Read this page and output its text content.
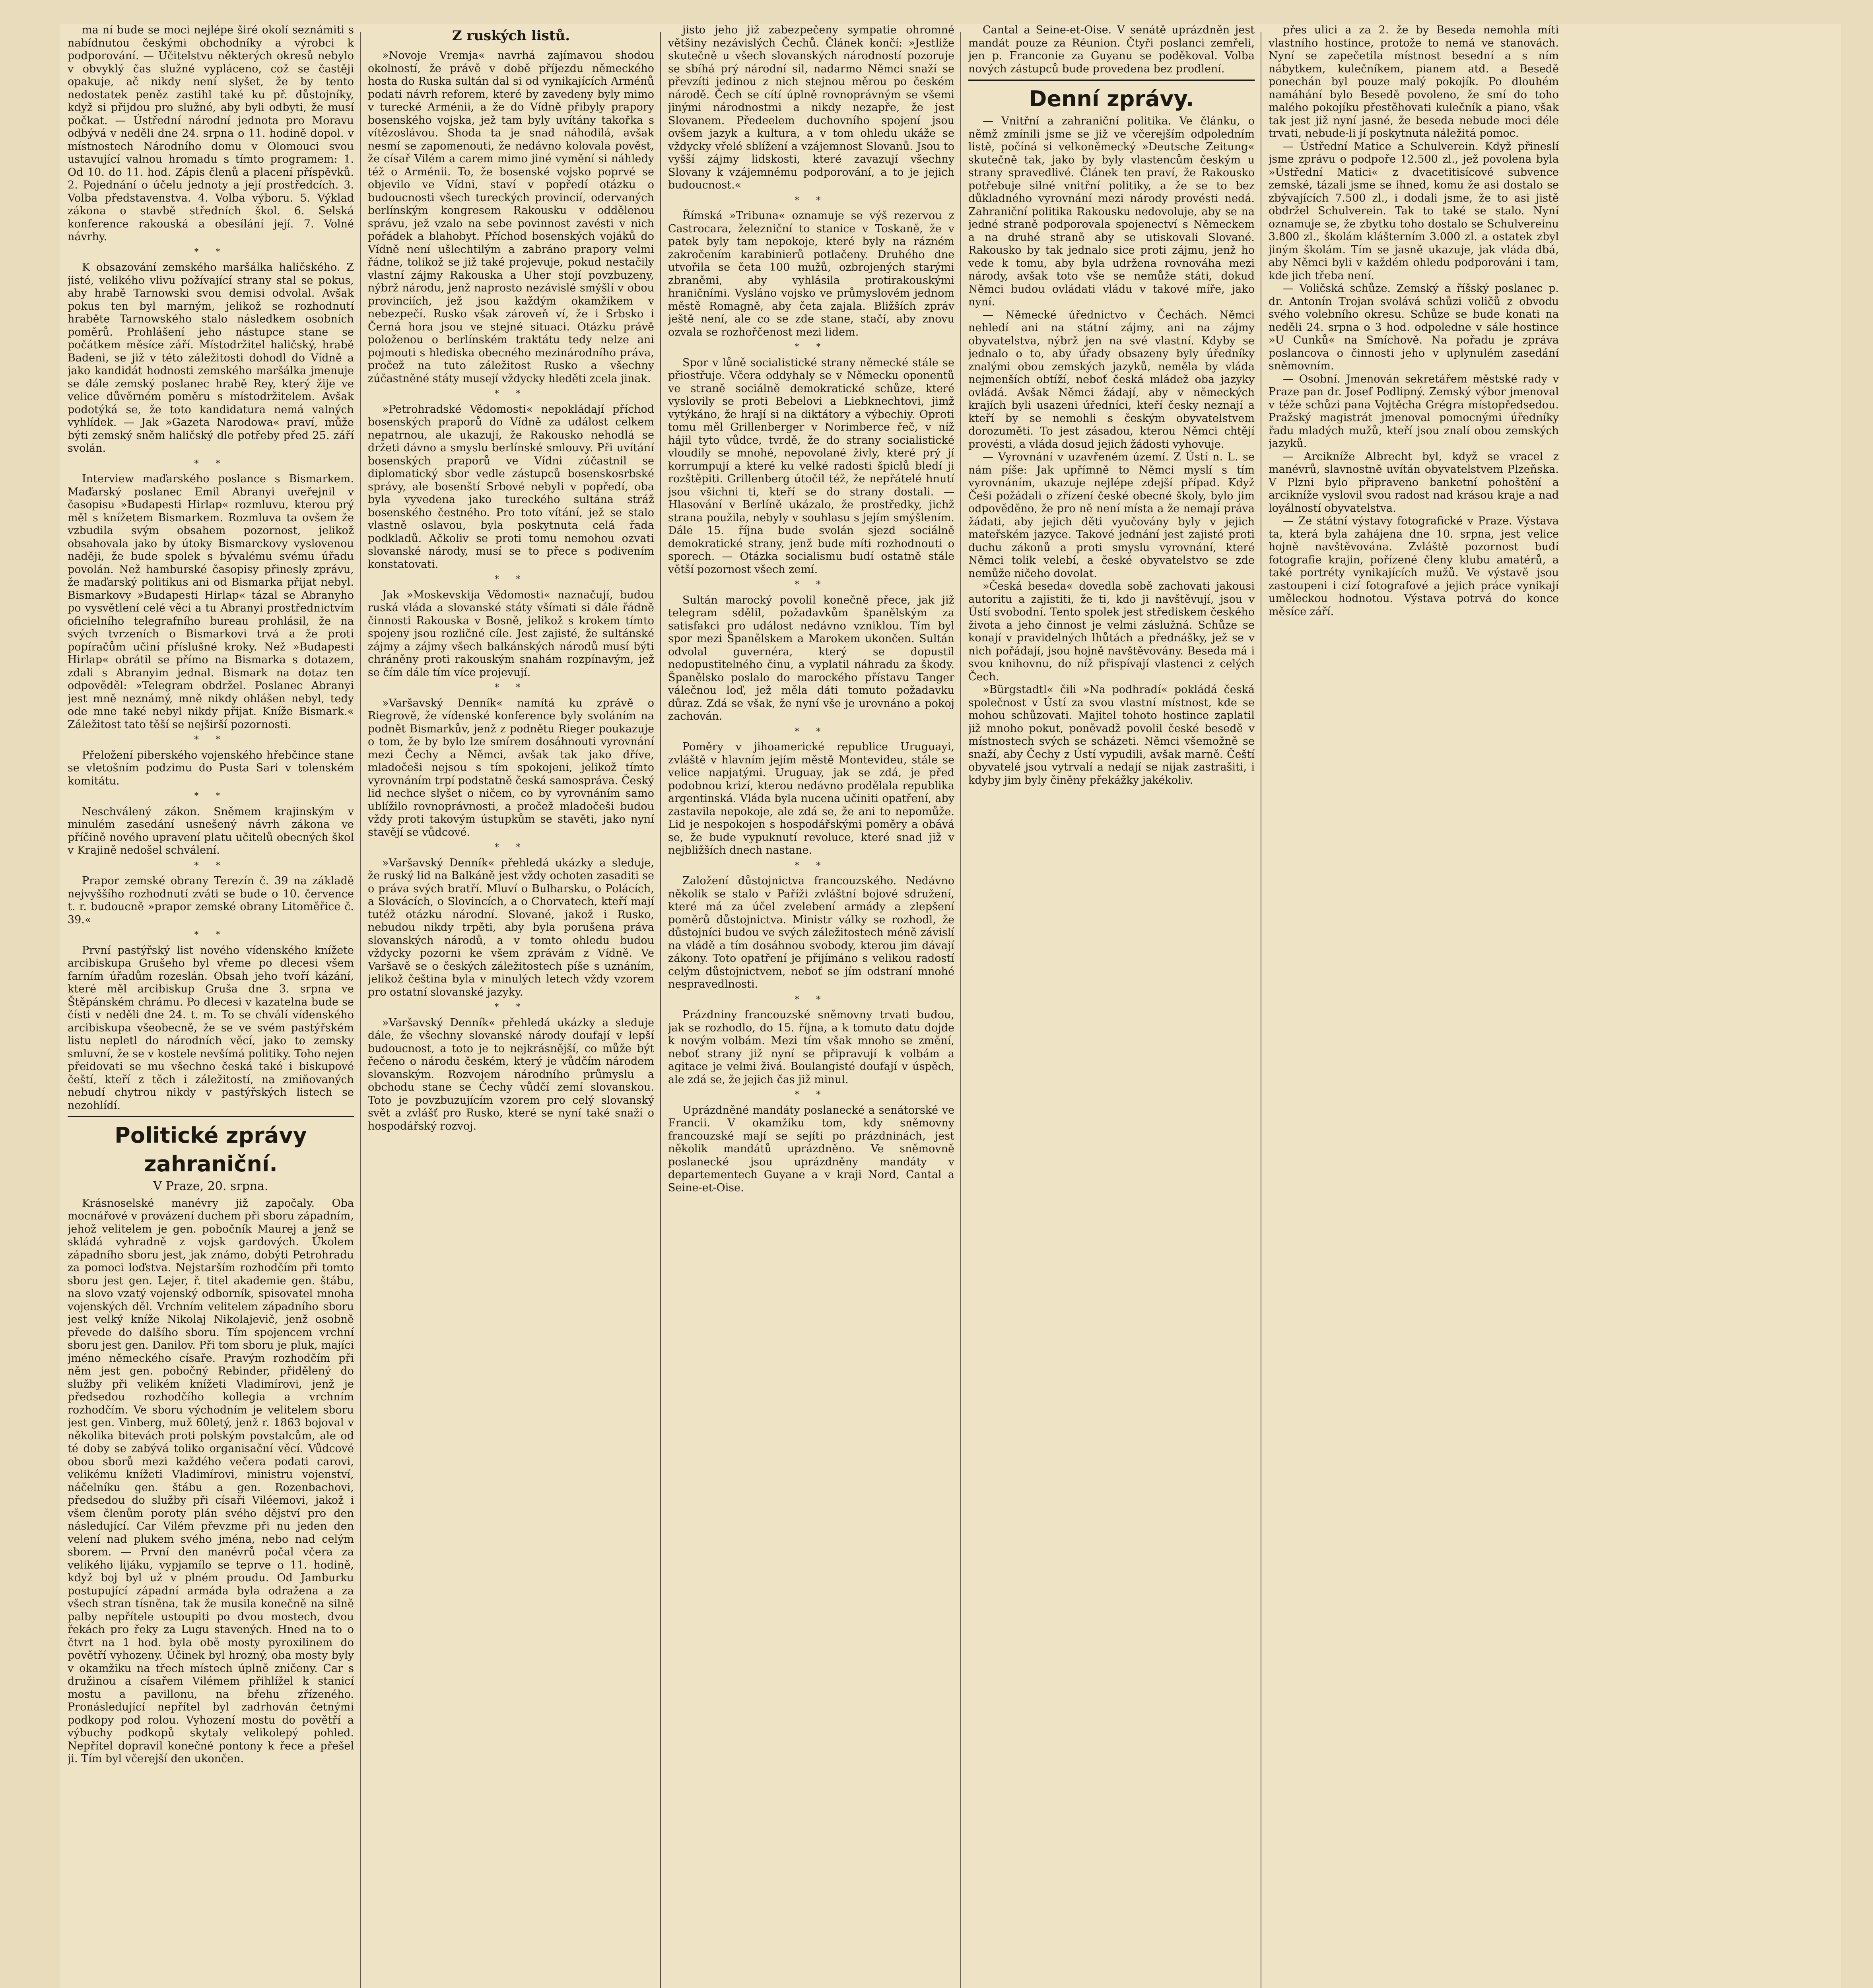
ma ní bude se moci nejlépe širé okolí seznámiti s nabídnutou českými obchodníky a výrobci k podporování. — Učitelstvu některých okresů nebylo v obvyklý čas služné vypláceno, což se častěji opakuje, ač nikdy není slyšet, že by tento nedostatek peněz zastihl také ku př. důstojníky, když si přijdou pro služné, aby byli odbyti, že musí počkat. — Ústřední národní jednota pro Moravu odbývá v neděli dne 24. srpna o 11. hodině dopol. v místnostech Národního domu v Olomouci svou ustavující valnou hromadu s tímto programem: 1. Od 10. do 11. hod. Zápis členů a placení příspěvků. 2. Pojednání o účelu jednoty a její prostředcích. 3. Volba představenstva. 4. Volba výboru. 5. Výklad zákona o stavbě středních škol. 6. Selská konference rakouská a obesílání její. 7. Volné návrhy.

* *

K obsazování zemského maršálka haličského. Z jisté, velikého vlivu požívající strany stal se pokus, aby hrabě Tarnowski svou demisi odvolal. Avšak pokus ten byl marným, jelikož se rozhodnutí hraběte Tarnowského stalo následkem osobních poměrů. Prohlášení jeho nástupce stane se počátkem měsíce září. Místodržitel haličský, hrabě Badeni, se již v této záležitosti dohodl do Vídně a jako kandidát hodnosti zemského maršálka jmenuje se dále zemský poslanec hrabě Rey, který žije ve velice důvěrném poměru s místodržitelem. Avšak podotýká se, že toto kandidatura nemá valných vyhlídek. — Jak »Gazeta Narodowa« praví, může býti zemský sněm haličský dle potřeby před 25. září svolán.

* *

Interview maďarského poslance s Bismarkem. Maďarský poslanec Emil Abranyi uveřejnil v časopisu »Budapesti Hirlap« rozmluvu, kterou prý měl s knížetem Bismarkem. Rozmluva ta ovšem že vzbudila svým obsahem pozornost, jelikož obsahovala jako by útoky Bismarckovy vyslovenou naději, že bude spolek s bývalému svému úřadu povolán. Než hamburské časopisy přinesly zprávu, že maďarský politikus ani od Bismarka přijat nebyl. Bismarkovy »Budapesti Hirlap« tázal se Abranyho po vysvětlení celé věci a tu Abranyi prostřednictvím oficielního telegrafního bureau prohlásil, že na svých tvrzeních o Bismarkovi trvá a že proti popíračům učiní příslušné kroky. Než »Budapesti Hirlap« obrátil se přímo na Bismarka s dotazem, zdali s Abranyim jednal. Bismark na dotaz ten odpověděl: »Telegram obdržel. Poslanec Abranyi jest mně neznámý, mně nikdy ohlášen nebyl, tedy ode mne také nebyl nikdy přijat. Kníže Bismark.« Záležitost tato těší se nejširší pozornosti.

* *

Přeložení piberského vojenského hřebčince stane se vletošním podzimu do Pusta Sari v tolenském komitátu.

* *

Neschválený zákon. Sněmem krajinským v minulém zasedání usnešený návrh zákona ve příčině nového upravení platu učitelů obecných škol v Krajině nedošel schválení.

* *

Prapor zemské obrany Terezín č. 39 na základě nejvyššího rozhodnutí zváti se bude o 10. července t. r. budoucně »prapor zemské obrany Litoměřice č. 39.«

* *

První pastýřský list nového vídenského knížete arcibiskupa Grušeho byl vřeme po dlecesi všem farním úřadům rozeslán. Obsah jeho tvoří kázání, které měl arcibiskup Gruša dne 3. srpna ve Štěpánském chrámu. Po dlecesi v kazatelna bude se čísti v neděli dne 24. t. m. To se chválí vídenského arcibiskupa všeobecně, že se ve svém pastýřském listu nepletl do národních věcí, jako to zemsky smluvní, že se v kostele nevšímá politiky. Toho nejen přeidovati se mu všechno česká také i biskupové čeští, kteří z těch i záležitostí, na zmiňovaných nebudí chytrou nikdy v pastýřských listech se nezohlídí.

Politické zprávy zahraniční.
V Praze, 20. srpna.

Krásnoselské manévry již započaly. Oba mocnářové v provázení duchem při sboru západním, jehož velitelem je gen. pobočník Maurej a jenž se skládá vyhradně z vojsk gardových. Úkolem západního sboru jest, jak známo, dobýti Petrohradu za pomoci loďstva. Nejstarším rozhodčím při tomto sboru jest gen. Lejer, ř. titel akademie gen. štábu, na slovo vzatý vojenský odborník, spisovatel mnoha vojenských děl. Vrchním velitelem západního sboru jest velký kníže Nikolaj Nikolajevič, jenž osobně převede do dalšího sboru. Tím spojencem vrchní sboru jest gen. Danilov. Při tom sboru je pluk, majíci jméno německého císaře. Pravým rozhodčím při něm jest gen. pobočný Rebinder, přidělený do služby při velikém knížeti Vladimírovi, jenž je předsedou rozhodčího kollegia a vrchním rozhodčím. Ve sboru východním je velitelem sboru jest gen. Vinberg, muž 60letý, jenž r. 1863 bojoval v několika bitevách proti polským povstalcům, ale od té doby se zabývá toliko organisační věcí. Vůdcové obou sborů mezi každého večera podati carovi, velikému knížeti Vladimírovi, ministru vojenství, náčelníku gen. štábu a gen. Rozenbachovi, předsedou do služby při císaři Viléemovi, jakož i všem členům poroty plán svého dějství pro den následující. Car Vilém převzme při nu jeden den velení nad plukem svého jména, nebo nad celým sborem. — První den manévrů počal včera za velikého lijáku, vypjamílo se teprve o 11. hodině, když boj byl už v plném proudu. Od Jamburku postupující západní armáda byla odražena a za všech stran tísněna, tak že musila konečně na silně palby nepřítele ustoupiti po dvou mostech, dvou řekách pro řeky za Lugu stavených. Hned na to o čtvrt na 1 hod. byla obě mosty pyroxilinem do povětří vyhozeny. Účinek byl hrozný, oba mosty byly v okamžiku na třech místech úplně zničeny. Car s družinou a císařem Vilémem přihlížel k stanicí mostu a pavillonu, na břehu zřízeného. Pronásledující nepřítel byl zadrhován četnými podkopy pod rolou. Vyhození mostu do povětří a výbuchy podkopů skytaly velikolepý pohled. Nepřítel dopravil konečné pontony k řece a přešel ji. Tím byl včerejší den ukončen.

Z ruských listů.

»Novoje Vremja« navrhá zajímavou shodou okolností, že právě v době příjezdu německého hosta do Ruska sultán dal si od vynikajících Arménů podati návrh reforem, které by zavedeny byly mimo v turecké Arménii, a že do Vídně přibyly prapory bosenského vojska, jež tam byly uvítány takořka s vítězoslávou. Shoda ta je snad náhodilá, avšak nesmí se zapomenouti, že nedávno kolovala pověst, že císař Vilém a carem mimo jiné vymění si náhledy též o Arménii. To, že bosenské vojsko poprvé se objevilo ve Vídni, staví v popředí otázku o budoucnosti všech tureckých provincií, odervaných berlínským kongresem Rakousku v oddělenou správu, jež vzalo na sebe povinnost zavésti v nich pořádek a blahobyt. Příchod bosenských vojáků do Vídně není ušlechtilým a zabráno prapory velmi řádne, tolikož se již také projevuje, pokud nestačily vlastní zájmy Rakouska a Uher stojí povzbuzeny, nýbrž národu, jenž naprosto nezávislé smýšlí v obou provinciích, jež jsou každým okamžikem v nebezpečí. Rusko však zároveň ví, že i Srbsko i Černá hora jsou ve stejné situaci. Otázku právě položenou o berlínském traktátu tedy nelze ani pojmouti s hlediska obecného mezinárodního práva, pročež na tuto záležitost Rusko a všechny zúčastněné státy musejí vždycky hleděti zcela jinak.

* *

»Petrohradské Vědomosti« nepokládají příchod bosenských praporů do Vídně za událost celkem nepatrnou, ale ukazují, že Rakousko nehodlá se držeti dávno a smyslu berlínské smlouvy. Při uvítání bosenských praporů ve Vídni zúčastnil se diplomatický sbor vedle zástupců bosenskosrbské správy, ale bosenští Srbové nebyli v popředí, oba byla vyvedena jako tureckého sultána stráž bosenského čestného. Pro toto vítání, jež se stalo vlastně oslavou, byla poskytnuta celá řada podkladů. Ačkoliv se proti tomu nemohou ozvati slovanské národy, musí se to přece s podivením konstatovati.

* *

Jak »Moskevskija Vědomosti« naznačují, budou ruská vláda a slovanské státy všímati si dále řádně činnosti Rakouska v Bosně, jelikož s krokem tímto spojeny jsou rozličné cíle. Jest zajisté, že sultánské zájmy a zájmy všech balkánských národů musí býti chráněny proti rakouským snahám rozpínavým, jež se čím dále tím více projevují.

* *

»Varšavský Denník« namítá ku zprávě o Riegrově, že vídenské konference byly svoláním na podnět Bismarkův, jenž z podnětu Rieger poukazuje o tom, že by bylo lze smírem dosáhnouti vyrovnání mezi Čechy a Němci, avšak tak jako dříve, mladočeši nejsou s tím spokojeni, jelikož tímto vyrovnáním trpí podstatně česká samospráva. Český lid nechce slyšet o ničem, co by vyrovnáním samo ublížilo rovnoprávnosti, a pročež mladočeši budou vždy proti takovým ústupkům se stavěti, jako nyní stavějí se vůdcové.

* *

»Varšavský Denník« přehledá ukázky a sleduje, že ruský lid na Balkáně jest vždy ochoten zasaditi se o práva svých bratří. Mluví o Bulharsku, o Polácích, a Slovácích, o Slovincích, a o Chorvatech, kteří mají tutéž otázku národní. Slované, jakož i Rusko, nebudou nikdy trpěti, aby byla porušena práva slovanských národů, a v tomto ohledu budou vždycky pozorni ke všem zprávám z Vídně. Ve Varšavě se o českých záležitostech píše s uznáním, jelikož čeština byla v minulých letech vždy vzorem pro ostatní slovanské jazyky.

* *

»Varšavský Denník« přehledá ukázky a sleduje dále, že všechny slovanské národy doufají v lepší budoucnost, a toto je to nejkrásnější, co může být řečeno o národu českém, který je vůdčím národem slovanským. Rozvojem národního průmyslu a obchodu stane se Čechy vůdčí zemí slovanskou. Toto je povzbuzujícím vzorem pro celý slovanský svět a zvlášť pro Rusko, které se nyní také snaží o hospodářský rozvoj.

jisto jeho již zabezpečeny sympatie ohromné většiny nezávislých Čechů. Článek končí: »Jestliže skutečně u všech slovanských národností pozoruje se sbíhá prý národní sil, nadarmo Němci snaží se převzíti jedinou z nich stejnou měrou po českém národě. Čech se cítí úplně rovnoprávným se všemi jinými národnostmi a nikdy nezapře, že jest Slovanem. Předeelem duchovního spojení jsou ovšem jazyk a kultura, a v tom ohledu ukáže se vždycky vřelé sblížení a vzájemnost Slovanů. Jsou to vyšší zájmy lidskosti, které zavazují všechny Slovany k vzájemnému podporování, a to je jejich budoucnost.«

* *

Římská »Tribuna« oznamuje se výš rezervou z Castrocara, železniční to stanice v Toskaně, že v patek byly tam nepokoje, které byly na rázném zakročením karabinierů potlačeny. Druhého dne utvořila se četa 100 mužů, ozbrojených starými zbraněmi, aby vyhlásila protirakouskými hraničními. Vysláno vojsko ve průmyslovém jednom městě Romagně, aby četa zajala. Bližších zpráv ještě není, ale co se zde stane, stačí, aby znovu ozvala se rozhořčenost mezi lidem.

* *

Spor v lůně socialistické strany německé stále se přiostřuje. Včera oddyhaly se v Německu oponentů ve straně sociálně demokratické schůze, které vyslovily se proti Bebelovi a Liebknechtovi, jimž vytýkáno, že hrají si na diktátory a výbechiy. Oproti tomu měl Grillenberger v Norimberce řeč, v níž hájil tyto vůdce, tvrdě, že do strany socialistické vloudily se mnohé, nepovolané živly, které prý jí korrumpují a které ku velké radosti špiclů bledí ji rozštěpiti. Grillenberg útočil též, že nepřátelé hnutí jsou všichni ti, kteří se do strany dostali. — Hlasování v Berlíně ukázalo, že prostředky, jichž strana použila, nebyly v souhlasu s jejím smýšlením. Dále 15. října bude svolán sjezd sociálně demokratické strany, jenž bude míti rozhodnouti o sporech. — Otázka socialismu budí ostatně stále větší pozornost všech zemí.

* *

Sultán marocký povolil konečně přece, jak již telegram sdělil, požadavkům španělským za satisfakci pro událost nedávno vzniklou. Tím byl spor mezi Španělskem a Marokem ukončen. Sultán odvolal guvernéra, který se dopustil nedopustitelného činu, a vyplatil náhradu za škody. Španělsko poslalo do marockého přístavu Tanger válečnou loď, jež měla dáti tomuto požadavku důraz. Zdá se však, že nyní vše je urovnáno a pokoj zachován.

* *

Poměry v jihoamerické republice Uruguayi, zvláště v hlavním jejím městě Montevideu, stále se velice napjatými. Uruguay, jak se zdá, je před podobnou krizí, kterou nedávno prodělala republika argentinská. Vláda byla nucena učiniti opatření, aby zastavila nepokoje, ale zdá se, že ani to nepomůže. Lid je nespokojen s hospodářskými poměry a obává se, že bude vypuknutí revoluce, které snad již v nejbližších dnech nastane.

* *

Založení důstojnictva francouzského. Nedávno několik se stalo v Paříži zvláštní bojové sdružení, které má za účel zvelebení armády a zlepšení poměrů důstojnictva. Ministr války se rozhodl, že důstojníci budou ve svých záležitostech méně závislí na vládě a tím dosáhnou svobody, kterou jim dávají zákony. Toto opatření je přijímáno s velikou radostí celým důstojnictvem, neboť se jím odstraní mnohé nespravedlnosti.

* *

Prázdniny francouzské sněmovny trvati budou, jak se rozhodlo, do 15. října, a k tomuto datu dojde k novým volbám. Mezi tím však mnoho se změní, neboť strany již nyní se připravují k volbám a agitace je velmi živá. Boulangisté doufají v úspěch, ale zdá se, že jejich čas již minul.

* *

Uprázdněné mandáty poslanecké a senátorské ve Francii. V okamžiku tom, kdy sněmovny francouzské mají se sejíti po prázdninách, jest několik mandátů uprázdněno. Ve sněmovně poslanecké jsou uprázdněny mandáty v departementech Guyane a v kraji Nord, Cantal a Seine-et-Oise.

Cantal a Seine-et-Oise. V senátě uprázdněn jest mandát pouze za Réunion. Čtyři poslanci zemřeli, jen p. Franconie za Guyanu se poděkoval. Volba nových zástupců bude provedena bez prodlení.

Denní zprávy.

— Vnitřní a zahraniční politika. Ve článku, o němž zmínili jsme se již ve včerejším odpoledním listě, počíná si velkoněmecký »Deutsche Zeitung« skutečně tak, jako by byly vlastencům českým u strany spravedlivé. Článek ten praví, že Rakousko potřebuje silné vnitřní politiky, a že se to bez důkladného vyrovnání mezi národy provésti nedá. Zahraniční politika Rakousku nedovoluje, aby se na jedné straně podporovala spojenectví s Německem a na druhé straně aby se utiskovali Slované. Rakousko by tak jednalo sice proti zájmu, jenž ho vede k tomu, aby byla udržena rovnováha mezi národy, avšak toto vše se nemůže státi, dokud Němci budou ovládati vládu v takové míře, jako nyní.

— Německé úřednictvo v Čechách. Němci nehledí ani na státní zájmy, ani na zájmy obyvatelstva, nýbrž jen na své vlastní. Kdyby se jednalo o to, aby úřady obsazeny byly úředníky znalými obou zemských jazyků, neměla by vláda nejmenších obtíží, neboť česká mládež oba jazyky ovládá. Avšak Němci žádají, aby v německých krajích byli usazeni úředníci, kteří česky neznají a kteří by se nemohli s českým obyvatelstvem dorozuměti. To jest zásadou, kterou Němci chtějí provésti, a vláda dosud jejich žádosti vyhovuje.

— Vyrovnání v uzavřeném území. Z Ústí n. L. se nám píše: Jak upřímně to Němci myslí s tím vyrovnáním, ukazuje nejlépe zdejší případ. Když Češi požádali o zřízení české obecné školy, bylo jim odpověděno, že pro ně není místa a že nemají práva žádati, aby jejich děti vyučovány byly v jejich mateřském jazyce. Takové jednání jest zajisté proti duchu zákonů a proti smyslu vyrovnání, které Němci tolik velebí, a české obyvatelstvo se zde nemůže ničeho dovolat.

»Česká beseda« dovedla sobě zachovati jakousi autoritu a zajistiti, že ti, kdo ji navštěvují, jsou v Ústí svobodní. Tento spolek jest střediskem českého života a jeho činnost je velmi záslužná. Schůze se konají v pravidelných lhůtách a přednášky, jež se v nich pořádají, jsou hojně navštěvovány. Beseda má i svou knihovnu, do níž přispívají vlastenci z celých Čech.

»Bürgstadtl« čili »Na podhradí« pokládá česká společnost v Ústí za svou vlastní místnost, kde se mohou schůzovati. Majitel tohoto hostince zaplatil již mnoho pokut, poněvadž povolil české besedě v místnostech svých se scházeti. Němci všemožně se snaží, aby Čechy z Ústí vypudili, avšak marně. Čeští obyvatelé jsou vytrvalí a nedají se nijak zastrašiti, i kdyby jim byly činěny překážky jakékoliv.

přes ulici a za 2. že by Beseda nemohla míti vlastního hostince, protože to nemá ve stanovách. Nyní se zapečetila místnost besední a s ním nábytkem, kulečníkem, pianem atd. a Besedě ponechán byl pouze malý pokojík. Po dlouhém namáhání bylo Besedě povoleno, že smí do toho malého pokojíku přestěhovati kulečník a piano, však tak jest již nyní jasné, že beseda nebude moci déle trvati, nebude-li jí poskytnuta náležitá pomoc.

— Ústřední Matice a Schulverein. Když přineslí jsme zprávu o podpoře 12.500 zl., jež povolena byla »Ústřední Matici« z dvacetitisícové subvence zemské, tázali jsme se ihned, komu že asi dostalo se zbývajících 7.500 zl., i dodali jsme, že to asi jistě obdržel Schulverein. Tak to také se stalo. Nyní oznamuje se, že zbytku toho dostalo se Schulvereinu 3.800 zl., školám klášterním 3.000 zl. a ostatek zbyl jiným školám. Tím se jasně ukazuje, jak vláda dbá, aby Němci byli v každém ohledu podporováni i tam, kde jich třeba není.

— Voličská schůze. Zemský a říšský poslanec p. dr. Antonín Trojan svolává schůzi voličů z obvodu svého volebního okresu. Schůze se bude konati na neděli 24. srpna o 3 hod. odpoledne v sále hostince »U Cunků« na Smíchově. Na pořadu je zpráva poslancova o činnosti jeho v uplynulém zasedání sněmovním.

— Osobní. Jmenován sekretářem městské rady v Praze pan dr. Josef Podlipný. Zemský výbor jmenoval v téže schůzi pana Vojtěcha Grégra místopředsedou. Pražský magistrát jmenoval pomocnými úředníky řadu mladých mužů, kteří jsou znalí obou zemských jazyků.

— Arcikníže Albrecht byl, když se vracel z manévrů, slavnostně uvítán obyvatelstvem Plzeňska. V Plzni bylo připraveno banketní pohoštění a arcikníže vyslovil svou radost nad krásou kraje a nad loyálností obyvatelstva.

— Ze státní výstavy fotografické v Praze. Výstava ta, která byla zahájena dne 10. srpna, jest velice hojně navštěvována. Zvláště pozornost budí fotografie krajin, pořízené členy klubu amatérů, a také portréty vynikajících mužů. Ve výstavě jsou zastoupeni i cizí fotografové a jejich práce vynikají uměleckou hodnotou. Výstava potrvá do konce měsíce září.
